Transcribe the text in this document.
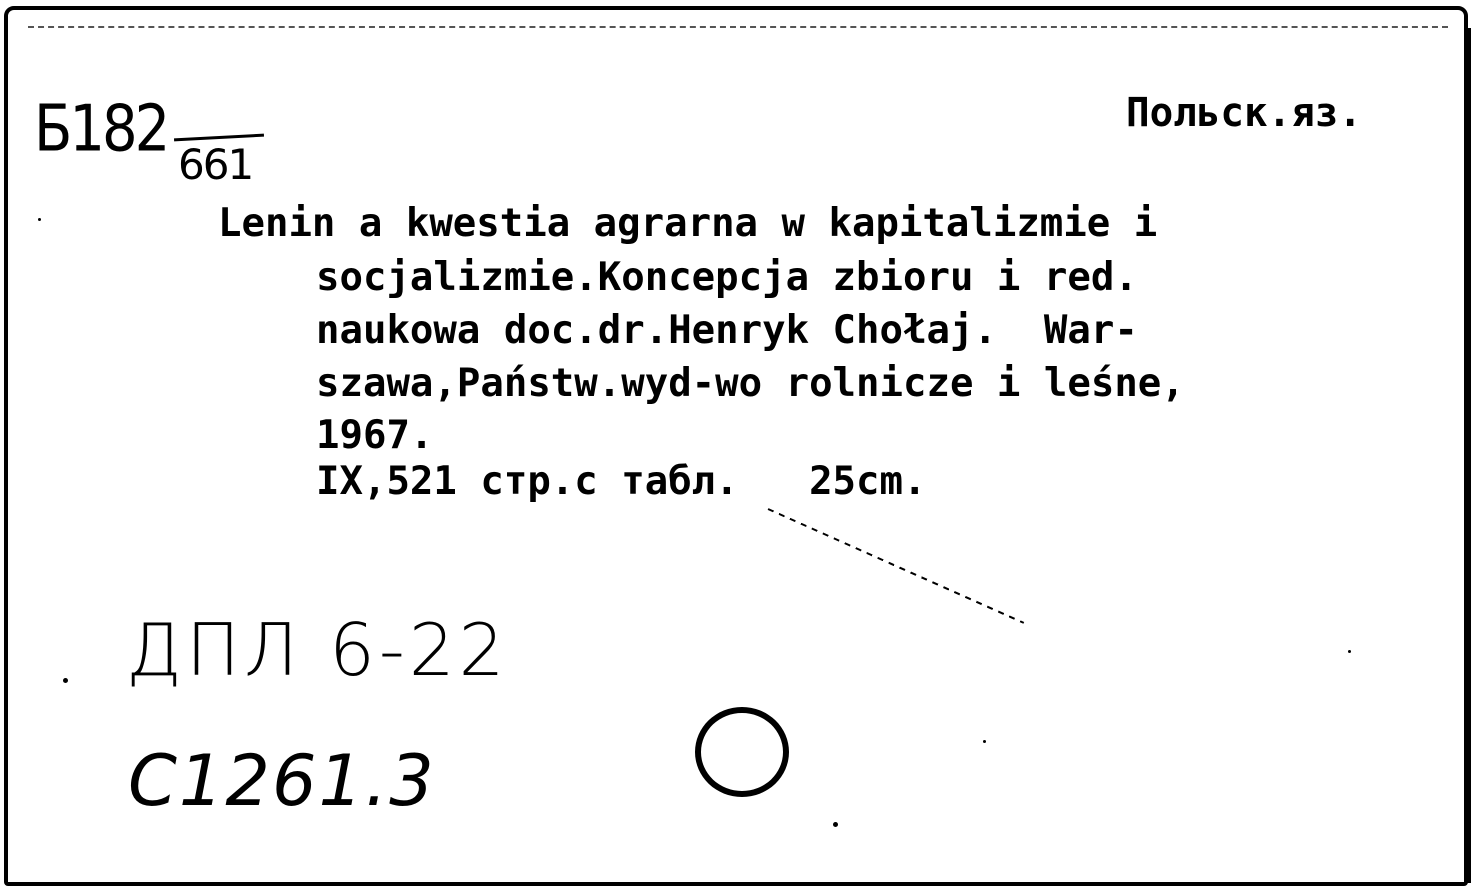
Польск.яз.
Б182 661
Lenin a kwestia agrarna w kapitalizmie i
socjalizmie.Koncepcja zbioru i red.
naukowa doc.dr.Henryk Chołaj.  War-
szawa,Państw.wyd-wo rolnicze i leśne,
1967.
IX,521 стр.с табл.   25cm.
ДПЛ 6-22
C1261.3
